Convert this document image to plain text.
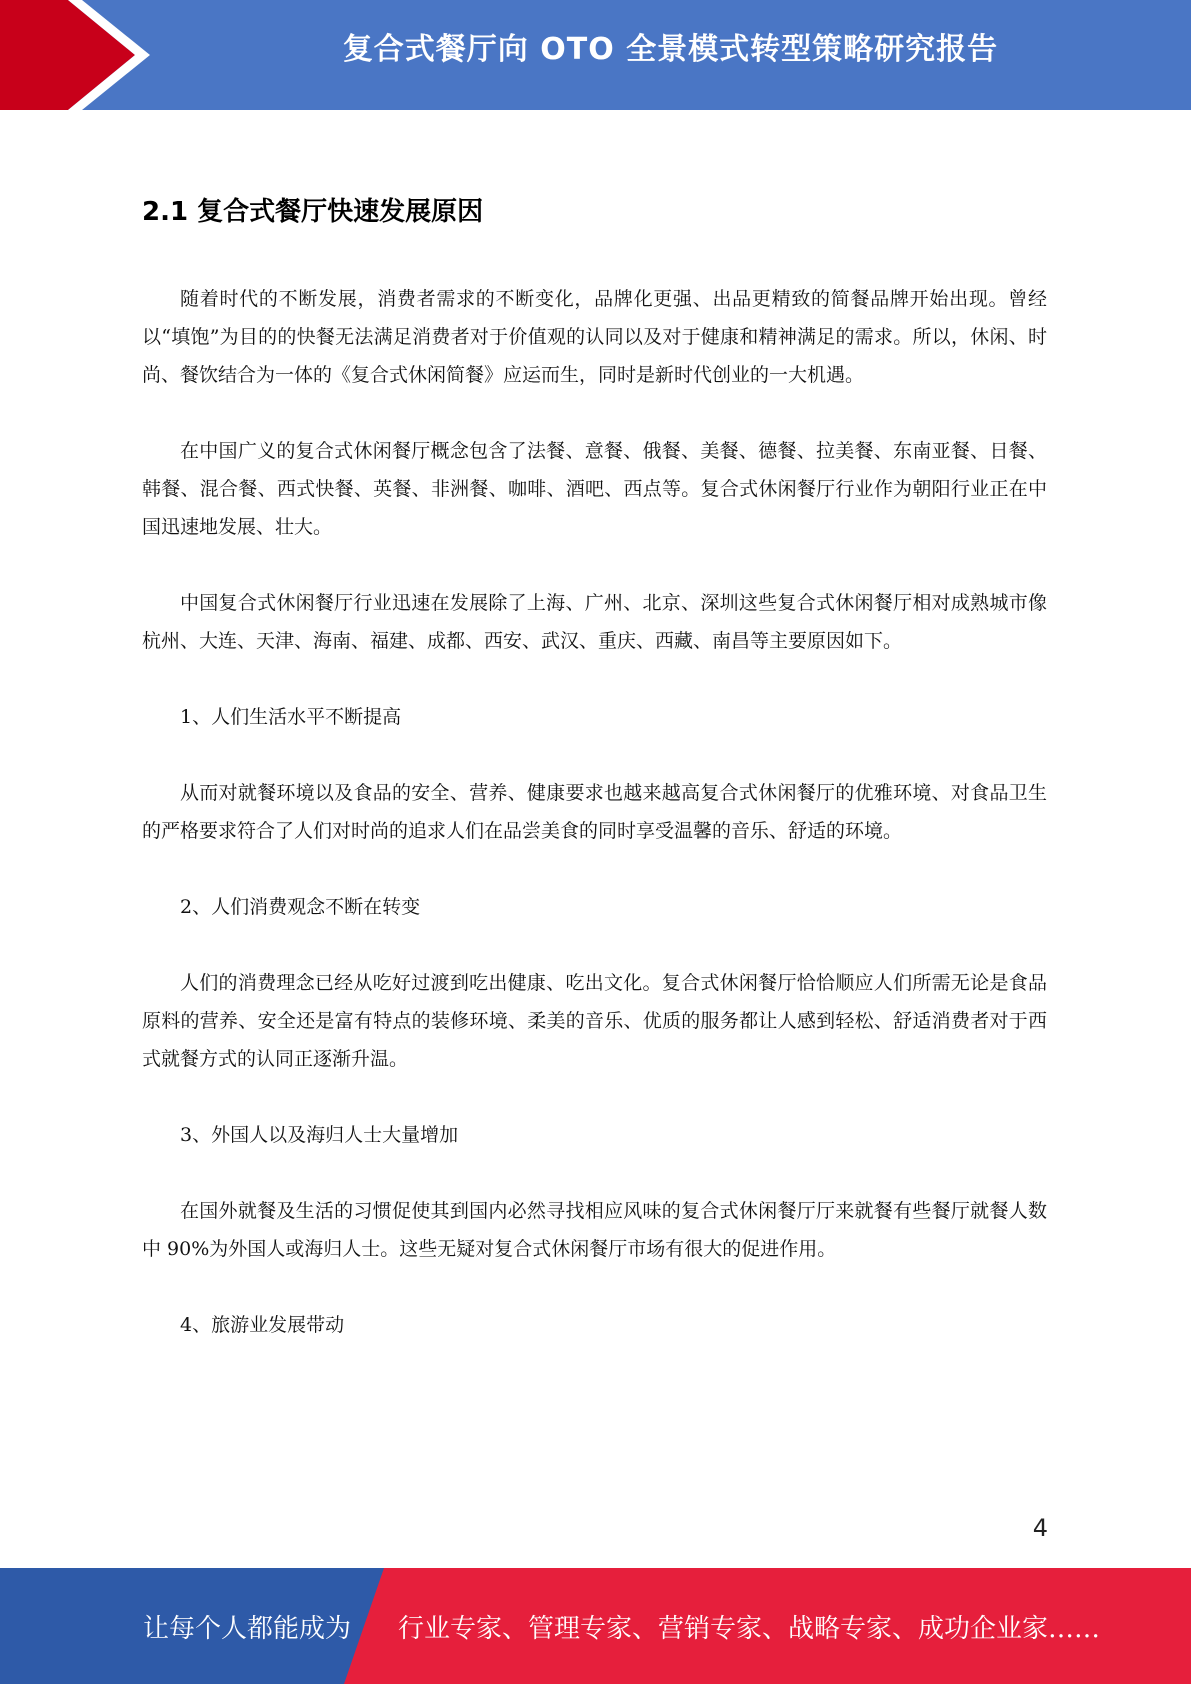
复合式餐厅向 OTO 全景模式转型策略研究报告
2.1 复合式餐厅快速发展原因

随着时代的不断发展，消费者需求的不断变化，品牌化更强、出品更精致的简餐品牌开始出现。曾经以“填饱”为目的的快餐无法满足消费者对于价值观的认同以及对于健康和精神满足的需求。所以，休闲、时尚、餐饮结合为一体的《复合式休闲简餐》应运而生，同时是新时代创业的一大机遇。

在中国广义的复合式休闲餐厅概念包含了法餐、意餐、俄餐、美餐、德餐、拉美餐、东南亚餐、日餐、韩餐、混合餐、西式快餐、英餐、非洲餐、咖啡、酒吧、西点等。复合式休闲餐厅行业作为朝阳行业正在中国迅速地发展、壮大。

中国复合式休闲餐厅行业迅速在发展除了上海、广州、北京、深圳这些复合式休闲餐厅相对成熟城市像杭州、大连、天津、海南、福建、成都、西安、武汉、重庆、西藏、南昌等主要原因如下。

1、人们生活水平不断提高

从而对就餐环境以及食品的安全、营养、健康要求也越来越高复合式休闲餐厅的优雅环境、对食品卫生的严格要求符合了人们对时尚的追求人们在品尝美食的同时享受温馨的音乐、舒适的环境。

2、人们消费观念不断在转变

人们的消费理念已经从吃好过渡到吃出健康、吃出文化。复合式休闲餐厅恰恰顺应人们所需无论是食品原料的营养、安全还是富有特点的装修环境、柔美的音乐、优质的服务都让人感到轻松、舒适消费者对于西式就餐方式的认同正逐渐升温。

3、外国人以及海归人士大量增加

在国外就餐及生活的习惯促使其到国内必然寻找相应风味的复合式休闲餐厅厅来就餐有些餐厅就餐人数中 90%为外国人或海归人士。这些无疑对复合式休闲餐厅市场有很大的促进作用。

4、旅游业发展带动

4
让每个人都能成为 行业专家、管理专家、营销专家、战略专家、成功企业家……
